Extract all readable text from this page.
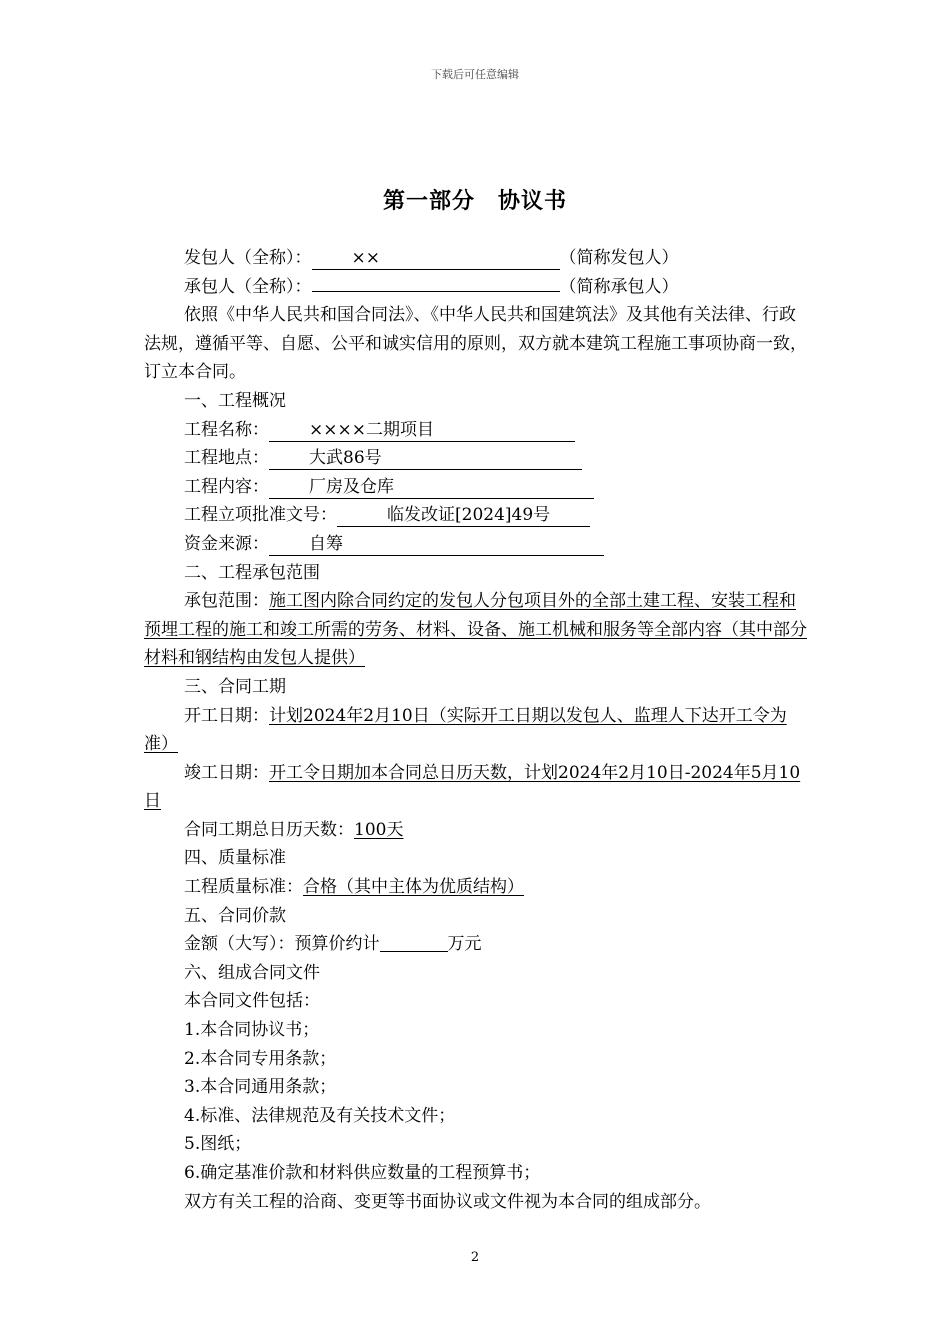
下载后可任意编辑
第一部分　协议书

发包人（全称）： ××	（简称发包人）

承包人（全称）：	（简称承包人）

依照《中华人民共和国合同法》、《中华人民共和国建筑法》及其他有关法律、行政法规，遵循平等、自愿、公平和诚实信用的原则，双方就本建筑工程施工事项协商一致，订立本合同。

一、工程概况

工程名称： ××××二期项目

工程地点： 大武86号

工程内容： 厂房及仓库

工程立项批准文号：	临发改证[2024]49号

资金来源： 自筹

二、工程承包范围

承包范围：施工图内除合同约定的发包人分包项目外的全部土建工程、安装工程和预埋工程的施工和竣工所需的劳务、材料、设备、施工机械和服务等全部内容（其中部分材料和钢结构由发包人提供）

三、合同工期

开工日期：计划2024年2月10日（实际开工日期以发包人、监理人下达开工令为准）

竣工日期：开工令日期加本合同总日历天数，计划2024年2月10日-2024年5月10日

合同工期总日历天数：100天

四、质量标准

工程质量标准：合格（其中主体为优质结构）

五、合同价款

金额（大写）：预算价约计	万元

六、组成合同文件

本合同文件包括：

1.本合同协议书；

2.本合同专用条款；

3.本合同通用条款；

4.标准、法律规范及有关技术文件；

5.图纸；

6.确定基准价款和材料供应数量的工程预算书；

双方有关工程的洽商、变更等书面协议或文件视为本合同的组成部分。

2
